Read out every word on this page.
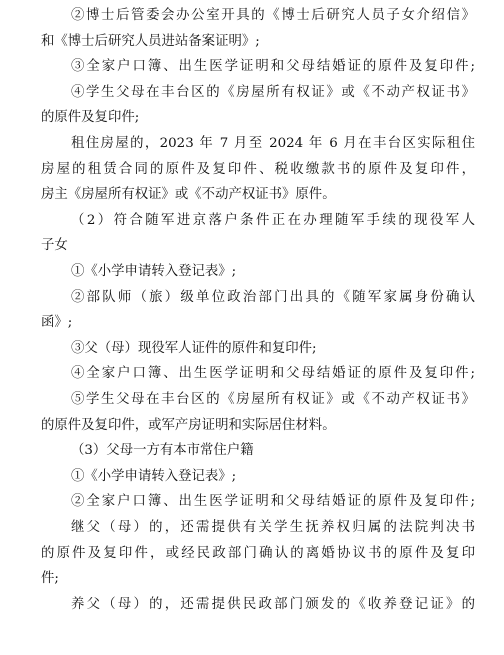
②博士后管委会办公室开具的《博士后研究人员子女介绍信》
和《博士后研究人员进站备案证明》;
③全家户口簿、出生医学证明和父母结婚证的原件及复印件;
④学生父母在丰台区的《房屋所有权证》或《不动产权证书》
的原件及复印件;
租住房屋的，2023 年 7 月至 2024 年 6 月在丰台区实际租住
房屋的租赁合同的原件及复印件、税收缴款书的原件及复印件，
房主《房屋所有权证》或《不动产权证书》原件。
（2）符合随军进京落户条件正在办理随军手续的现役军人
子女
①《小学申请转入登记表》;
②部队师（旅）级单位政治部门出具的《随军家属身份确认
函》;
③父（母）现役军人证件的原件和复印件;
④全家户口簿、出生医学证明和父母结婚证的原件及复印件;
⑤学生父母在丰台区的《房屋所有权证》或《不动产权证书》
的原件及复印件，或军产房证明和实际居住材料。
（3）父母一方有本市常住户籍
①《小学申请转入登记表》;
②全家户口簿、出生医学证明和父母结婚证的原件及复印件;
继父（母）的，还需提供有关学生抚养权归属的法院判决书
的原件及复印件，或经民政部门确认的离婚协议书的原件及复印
件;
养父（母）的，还需提供民政部门颁发的《收养登记证》的
